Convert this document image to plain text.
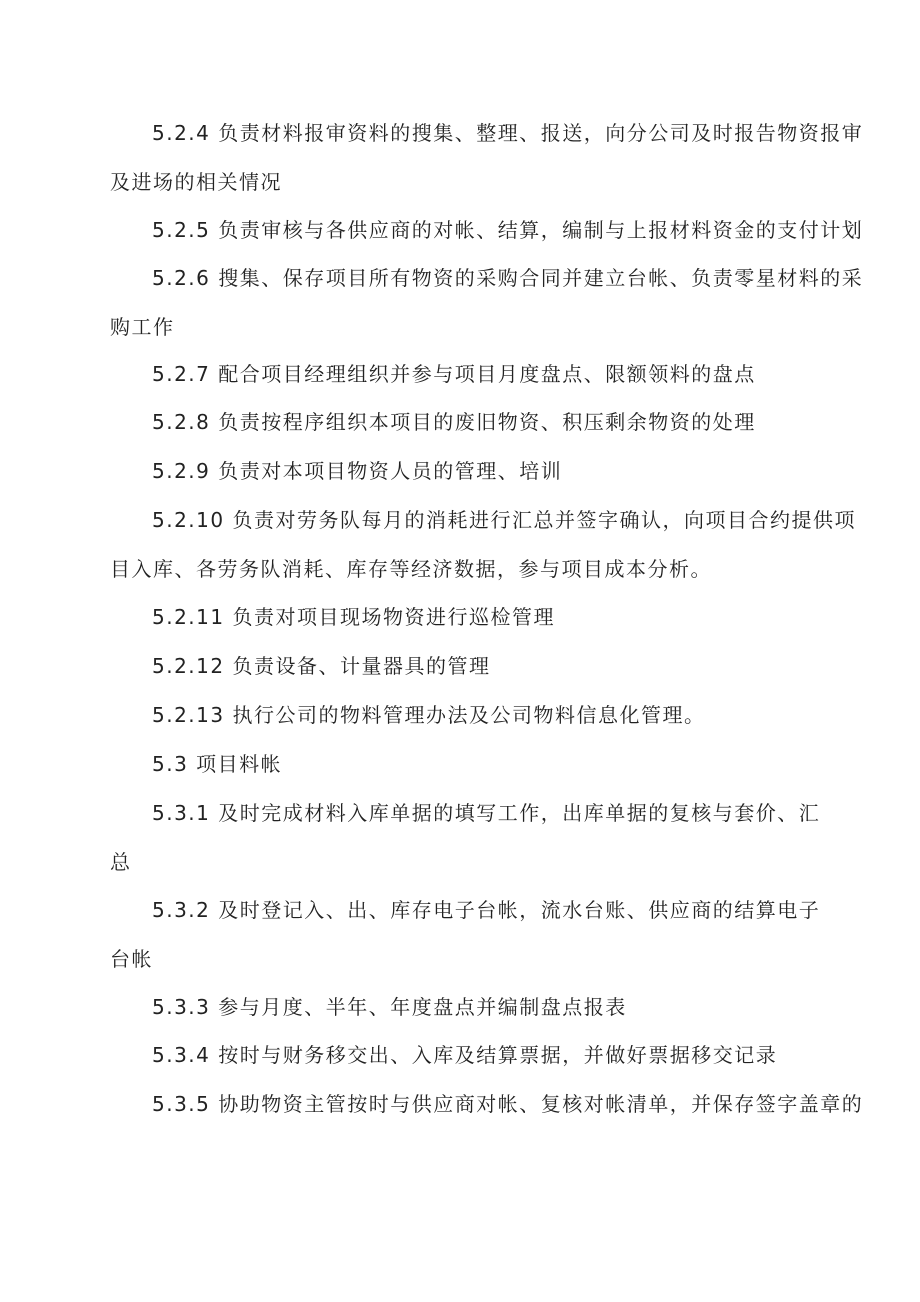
5.2.4 负责材料报审资料的搜集、整理、报送，向分公司及时报告物资报审
及进场的相关情况
5.2.5 负责审核与各供应商的对帐、结算，编制与上报材料资金的支付计划
5.2.6 搜集、保存项目所有物资的采购合同并建立台帐、负责零星材料的采
购工作
5.2.7 配合项目经理组织并参与项目月度盘点、限额领料的盘点
5.2.8 负责按程序组织本项目的废旧物资、积压剩余物资的处理
5.2.9 负责对本项目物资人员的管理、培训
5.2.10 负责对劳务队每月的消耗进行汇总并签字确认，向项目合约提供项
目入库、各劳务队消耗、库存等经济数据，参与项目成本分析。
5.2.11 负责对项目现场物资进行巡检管理
5.2.12 负责设备、计量器具的管理
5.2.13 执行公司的物料管理办法及公司物料信息化管理。
5.3 项目料帐
5.3.1 及时完成材料入库单据的填写工作，出库单据的复核与套价、汇
总
5.3.2 及时登记入、出、库存电子台帐，流水台账、供应商的结算电子
台帐
5.3.3 参与月度、半年、年度盘点并编制盘点报表
5.3.4 按时与财务移交出、入库及结算票据，并做好票据移交记录
5.3.5 协助物资主管按时与供应商对帐、复核对帐清单，并保存签字盖章的
